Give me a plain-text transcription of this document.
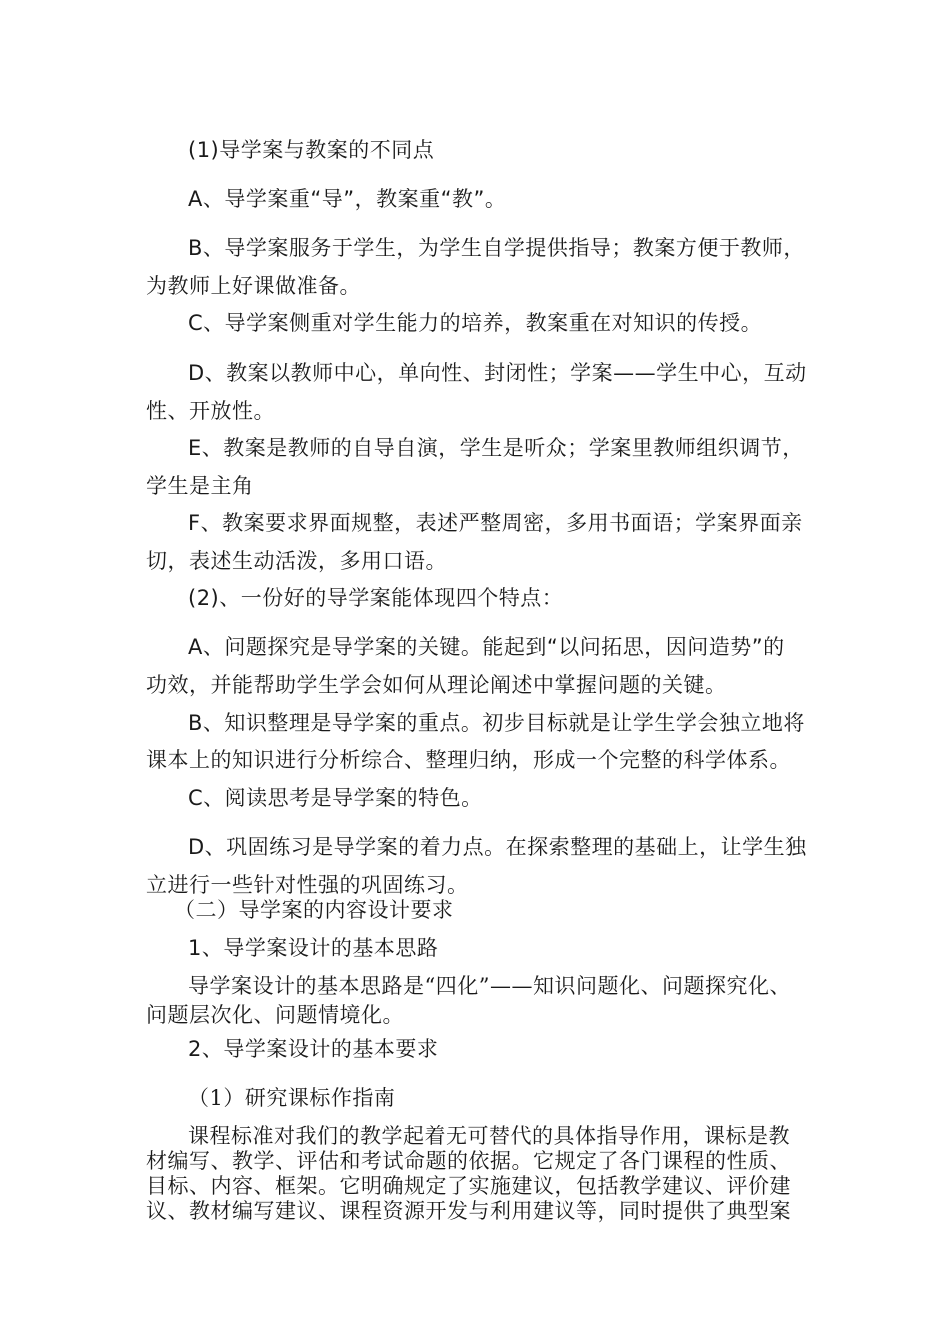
(1)导学案与教案的不同点
A、导学案重“导”，教案重“教”。
B、导学案服务于学生，为学生自学提供指导；教案方便于教师，
为教师上好课做准备。
C、导学案侧重对学生能力的培养，教案重在对知识的传授。
D、教案以教师中心，单向性、封闭性；学案——学生中心，互动
性、开放性。
E、教案是教师的自导自演，学生是听众；学案里教师组织调节，
学生是主角
F、教案要求界面规整，表述严整周密，多用书面语；学案界面亲
切，表述生动活泼，多用口语。
(2)、一份好的导学案能体现四个特点：
A、问题探究是导学案的关键。能起到“以问拓思，因问造势”的
功效，并能帮助学生学会如何从理论阐述中掌握问题的关键。
B、知识整理是导学案的重点。初步目标就是让学生学会独立地将
课本上的知识进行分析综合、整理归纳，形成一个完整的科学体系。
C、阅读思考是导学案的特色。
D、巩固练习是导学案的着力点。在探索整理的基础上，让学生独
立进行一些针对性强的巩固练习。
（二）导学案的内容设计要求
1、导学案设计的基本思路
导学案设计的基本思路是“四化”——知识问题化、问题探究化、
问题层次化、问题情境化。
2、导学案设计的基本要求
（1）研究课标作指南
课程标准对我们的教学起着无可替代的具体指导作用，课标是教
材编写、教学、评估和考试命题的依据。它规定了各门课程的性质、
目标、内容、框架。它明确规定了实施建议，包括教学建议、评价建
议、教材编写建议、课程资源开发与利用建议等，同时提供了典型案
